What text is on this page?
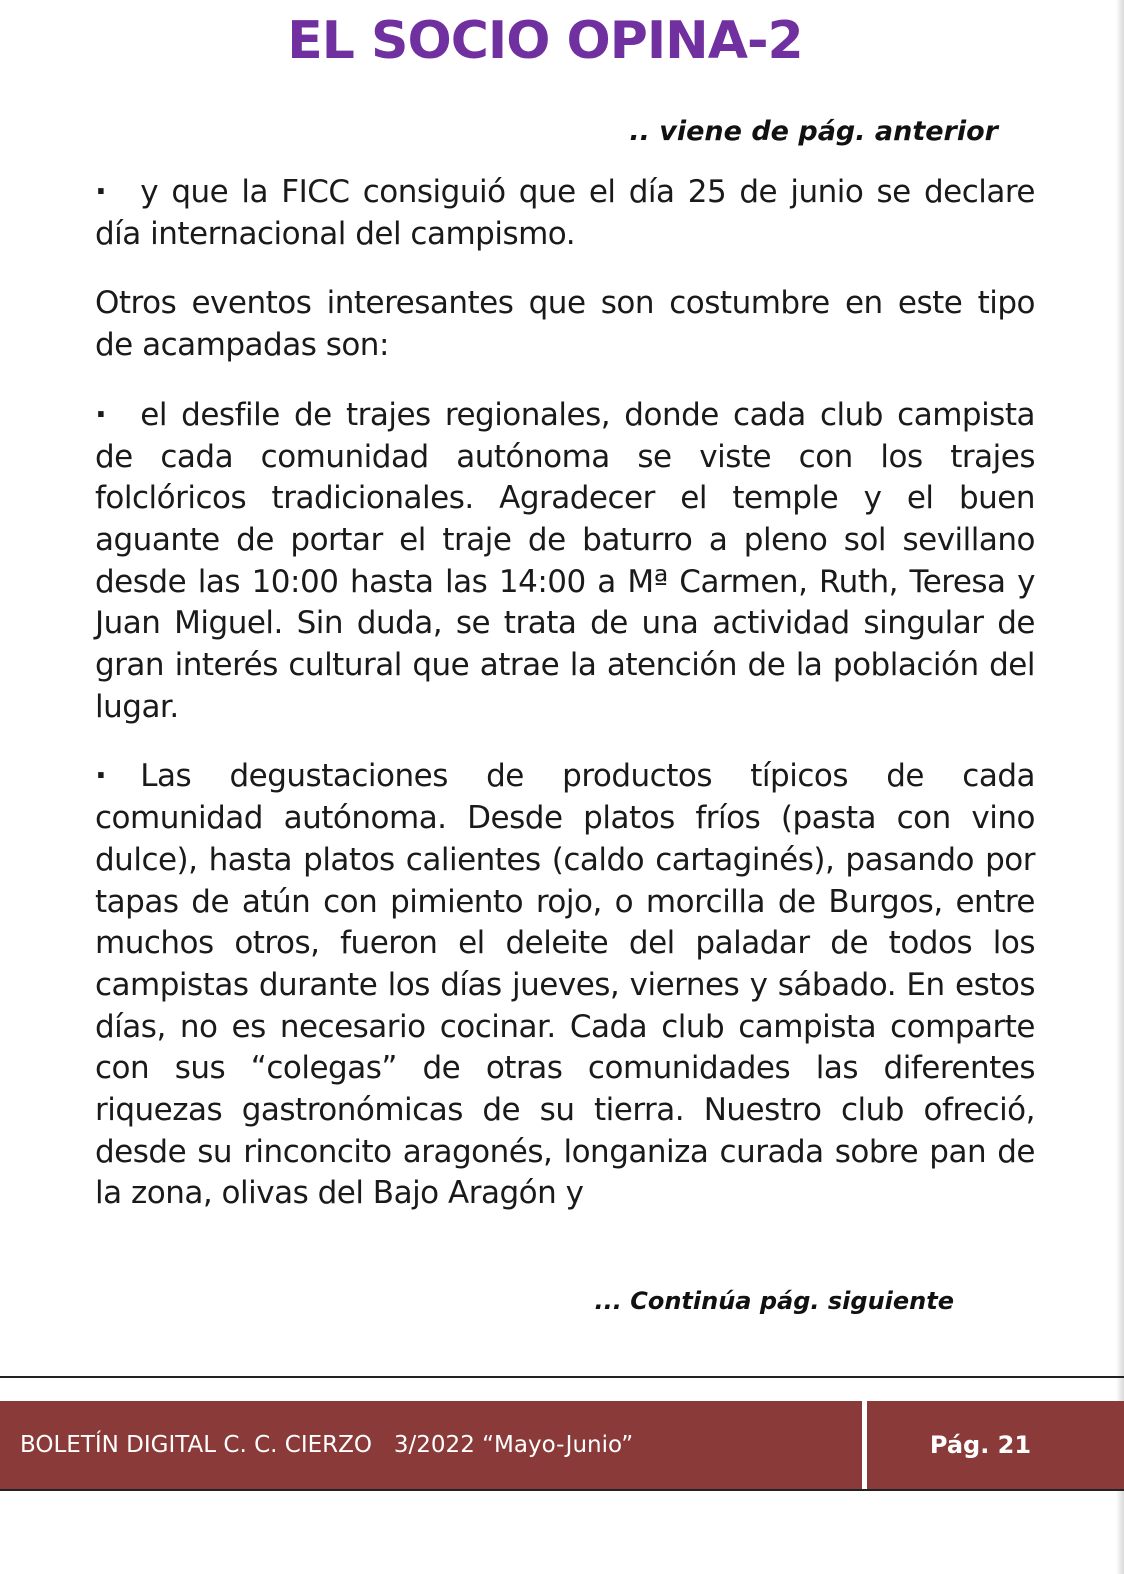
EL SOCIO OPINA-2
.. viene de pág. anterior

· y que la FICC consiguió que el día 25 de junio se declare día internacional del campismo.

Otros eventos interesantes que son costumbre en este tipo de acampadas son:

· el desfile de trajes regionales, donde cada club campista de cada comunidad autónoma se viste con los trajes folclóricos tradicionales. Agradecer el temple y el buen aguante de portar el traje de baturro a pleno sol sevillano desde las 10:00 hasta las 14:00 a Mª Carmen, Ruth, Teresa y Juan Miguel. Sin duda, se trata de una actividad singular de gran interés cultural que atrae la atención de la población del lugar.

· Las degustaciones de productos típicos de cada comunidad autónoma. Desde platos fríos (pasta con vino dulce), hasta platos calientes (caldo cartaginés), pasando por tapas de atún con pimiento rojo, o morcilla de Burgos, entre muchos otros, fueron el deleite del paladar de todos los campistas durante los días jueves, viernes y sábado. En estos días, no es necesario cocinar. Cada club campista comparte con sus “colegas” de otras comunidades las diferentes riquezas gastronómicas de su tierra. Nuestro club ofreció, desde su rinconcito aragonés, longaniza curada sobre pan de la zona, olivas del Bajo Aragón y

... Continúa pág. siguiente
BOLETÍN DIGITAL C. C. CIERZO   3/2022 “Mayo-Junio”	Pág. 21
